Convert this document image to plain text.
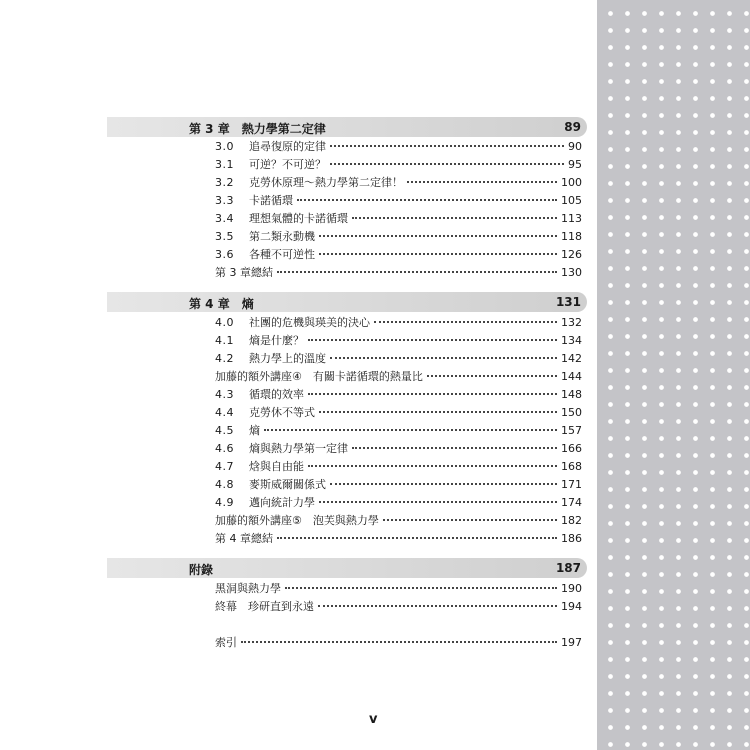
第 3 章　熱力學第二定律	89
3.0	追尋復原的定律	90
3.1	可逆？不可逆？	95
3.2	克勞休原理～熱力學第二定律！	100
3.3	卡諾循環	105
3.4	理想氣體的卡諾循環	113
3.5	第二類永動機	118
3.6	各種不可逆性	126
第 3 章總結	130
第 4 章　熵	131
4.0	社團的危機與瑛美的決心	132
4.1	熵是什麼？	134
4.2	熱力學上的溫度	142
加藤的額外講座④　有關卡諾循環的熱量比	144
4.3	循環的效率	148
4.4	克勞休不等式	150
4.5	熵	157
4.6	熵與熱力學第一定律	166
4.7	焓與自由能	168
4.8	麥斯威爾關係式	171
4.9	邁向統計力學	174
加藤的額外講座⑤　泡芙與熱力學	182
第 4 章總結	186
附錄	187
黑洞與熱力學	190
終幕　珍研直到永遠	194
索引	197
v
